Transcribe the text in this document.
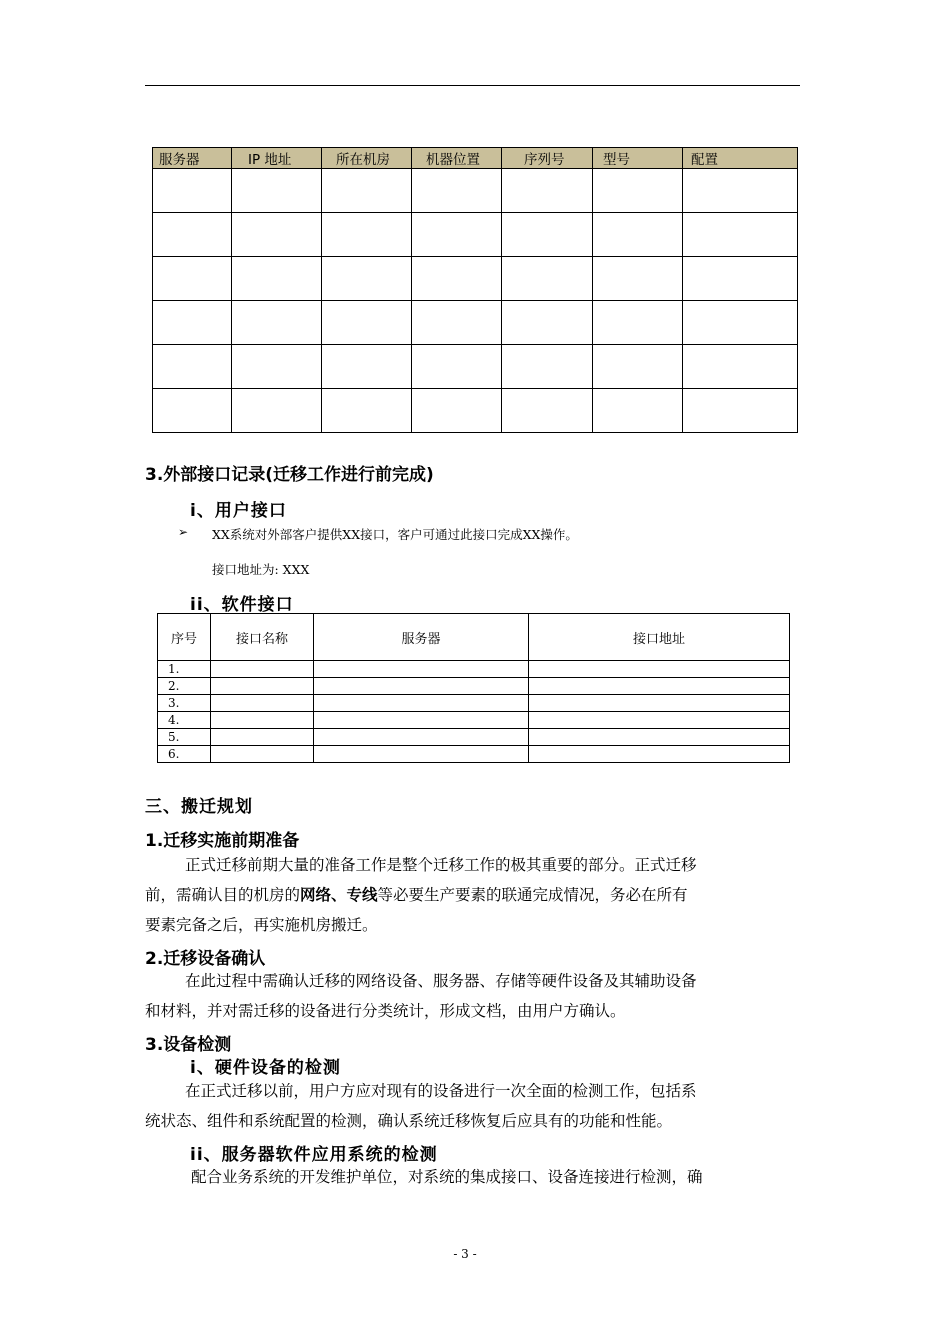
服务器	IP 地址	所在机房	机器位置	序列号	型号	配置

3.外部接口记录(迁移工作进行前完成)
i、用户接口
➢ XX系统对外部客户提供XX接口，客户可通过此接口完成XX操作。
接口地址为: XXX
ii、软件接口
序号	接口名称	服务器	接口地址
1.			
2.			
3.			
4.			
5.			
6.			
三、搬迁规划
1.迁移实施前期准备
正式迁移前期大量的准备工作是整个迁移工作的极其重要的部分。正式迁移
前，需确认目的机房的网络、专线等必要生产要素的联通完成情况，务必在所有
要素完备之后，再实施机房搬迁。
2.迁移设备确认
在此过程中需确认迁移的网络设备、服务器、存储等硬件设备及其辅助设备
和材料，并对需迁移的设备进行分类统计，形成文档，由用户方确认。
3.设备检测
i、硬件设备的检测
在正式迁移以前，用户方应对现有的设备进行一次全面的检测工作，包括系
统状态、组件和系统配置的检测，确认系统迁移恢复后应具有的功能和性能。
ii、服务器软件应用系统的检测
配合业务系统的开发维护单位，对系统的集成接口、设备连接进行检测，确
- 3 -
